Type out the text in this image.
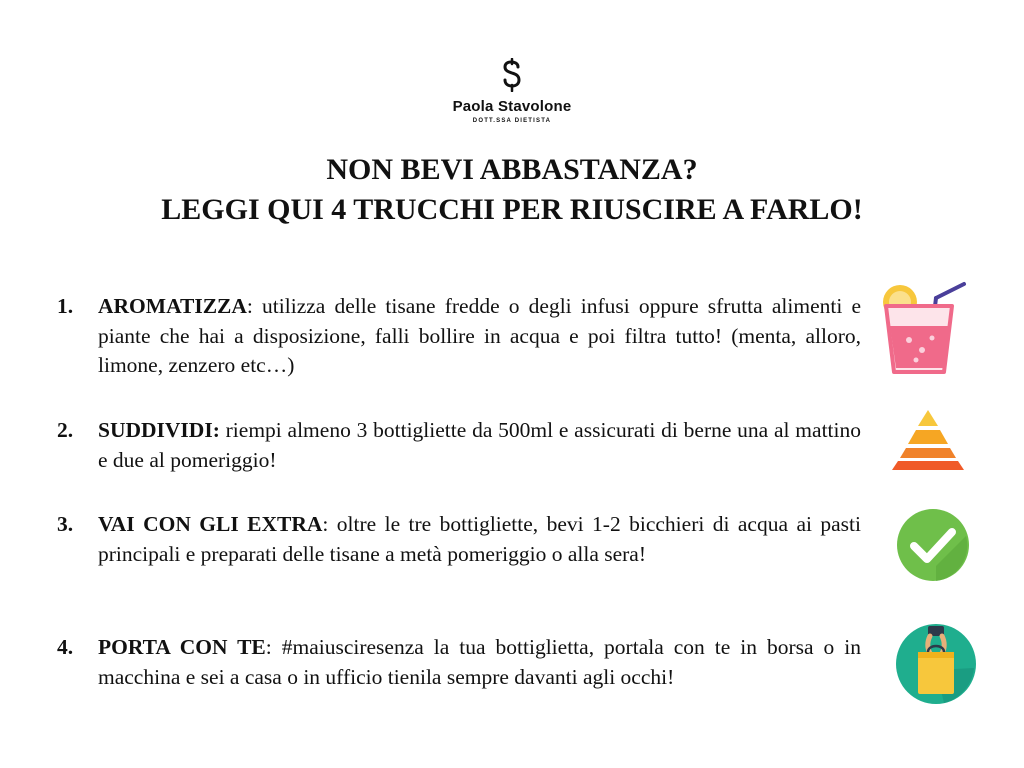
Paola Stavolone
DOTT.SSA DIETISTA
NON BEVI ABBASTANZA?
LEGGI QUI 4 TRUCCHI PER RIUSCIRE A FARLO!
1. AROMATIZZA: utilizza delle tisane fredde o degli infusi oppure sfrutta alimenti e piante che hai a disposizione, falli bollire in acqua e poi filtra tutto! (menta, alloro, limone, zenzero etc…)
2. SUDDIVIDI: riempi almeno 3 bottigliette da 500ml e assicurati di berne una al mattino e due al pomeriggio!
3. VAI CON GLI EXTRA: oltre le tre bottigliette, bevi 1-2 bicchieri di acqua ai pasti principali e preparati delle tisane a metà pomeriggio o alla sera!
4. PORTA CON TE: #maiusciresenza la tua bottiglietta, portala con te in borsa o in macchina e sei a casa o in ufficio tienila sempre davanti agli occhi!
